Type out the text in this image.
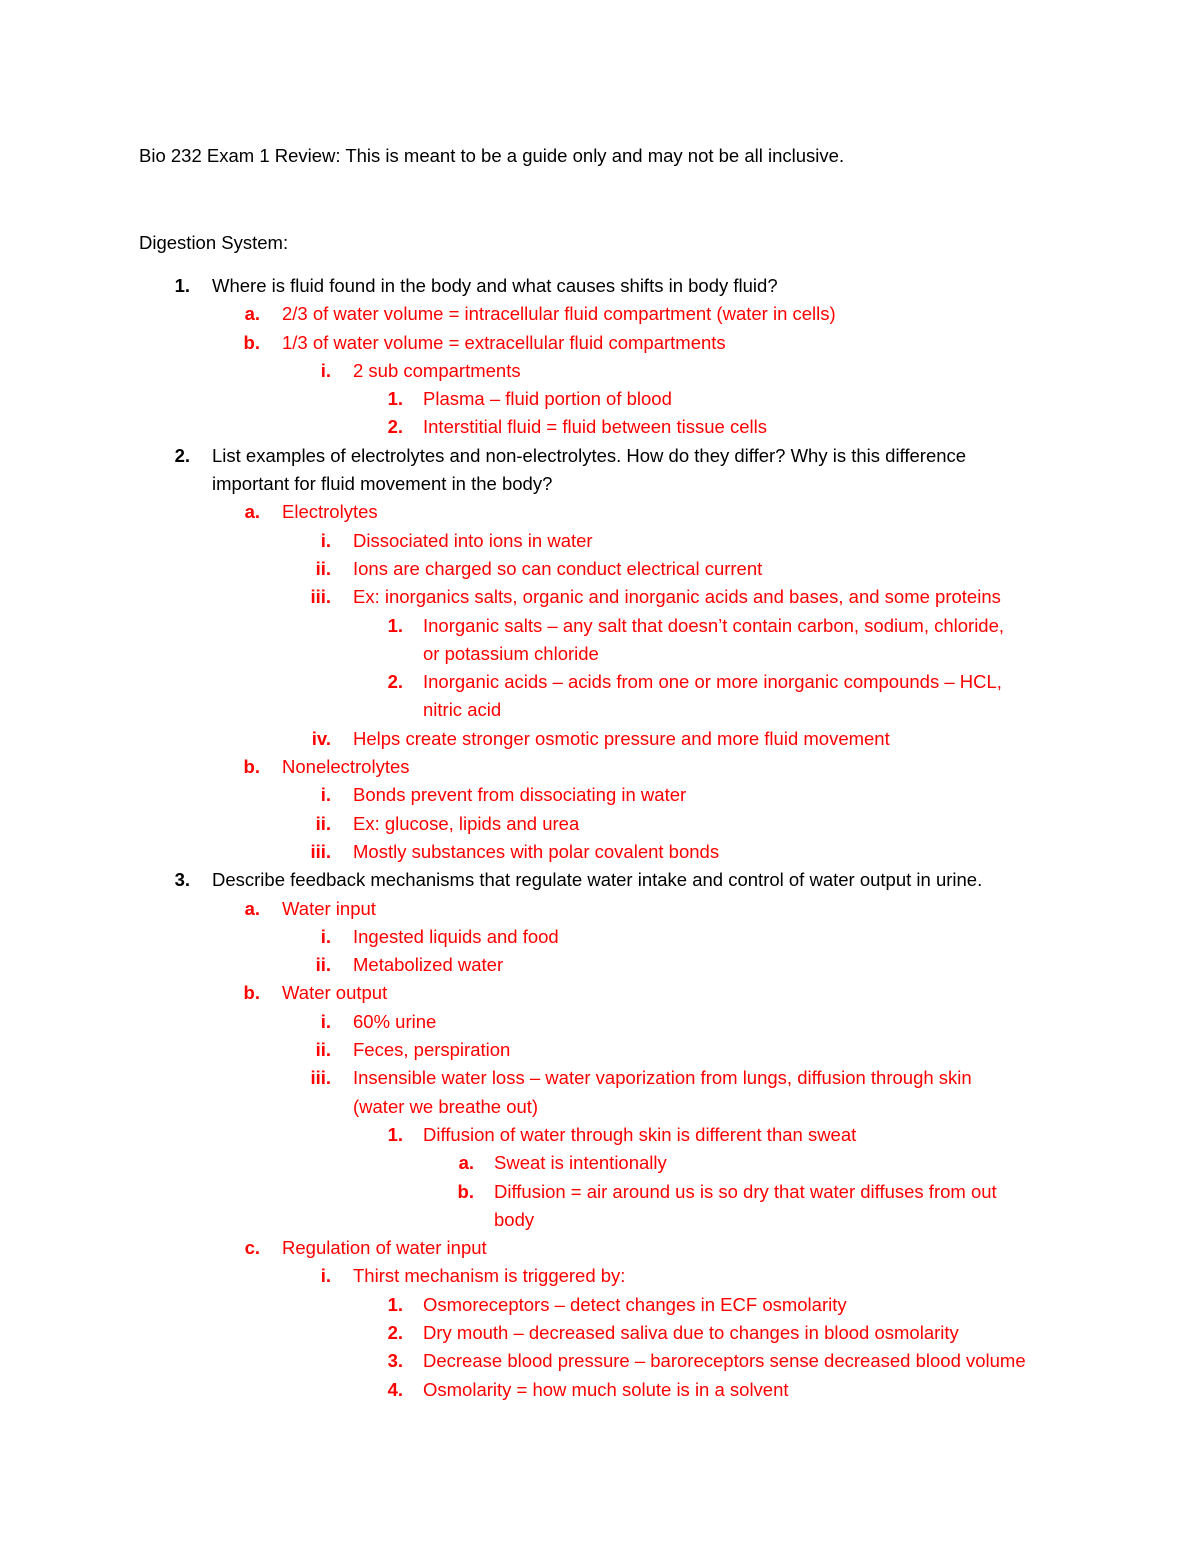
Bio 232 Exam 1 Review: This is meant to be a guide only and may not be all inclusive.
Digestion System:
1. Where is fluid found in the body and what causes shifts in body fluid?
a. 2/3 of water volume = intracellular fluid compartment (water in cells)
b. 1/3 of water volume = extracellular fluid compartments
i. 2 sub compartments
1. Plasma – fluid portion of blood
2. Interstitial fluid = fluid between tissue cells
2. List examples of electrolytes and non-electrolytes. How do they differ? Why is this difference
important for fluid movement in the body?
a. Electrolytes
i. Dissociated into ions in water
ii. Ions are charged so can conduct electrical current
iii. Ex: inorganics salts, organic and inorganic acids and bases, and some proteins
1. Inorganic salts – any salt that doesn’t contain carbon, sodium, chloride,
or potassium chloride
2. Inorganic acids – acids from one or more inorganic compounds – HCL,
nitric acid
iv. Helps create stronger osmotic pressure and more fluid movement
b. Nonelectrolytes
i. Bonds prevent from dissociating in water
ii. Ex: glucose, lipids and urea
iii. Mostly substances with polar covalent bonds
3. Describe feedback mechanisms that regulate water intake and control of water output in urine.
a. Water input
i. Ingested liquids and food
ii. Metabolized water
b. Water output
i. 60% urine
ii. Feces, perspiration
iii. Insensible water loss – water vaporization from lungs, diffusion through skin
(water we breathe out)
1. Diffusion of water through skin is different than sweat
a. Sweat is intentionally
b. Diffusion = air around us is so dry that water diffuses from out
body
c. Regulation of water input
i. Thirst mechanism is triggered by:
1. Osmoreceptors – detect changes in ECF osmolarity
2. Dry mouth – decreased saliva due to changes in blood osmolarity
3. Decrease blood pressure – baroreceptors sense decreased blood volume
4. Osmolarity = how much solute is in a solvent
